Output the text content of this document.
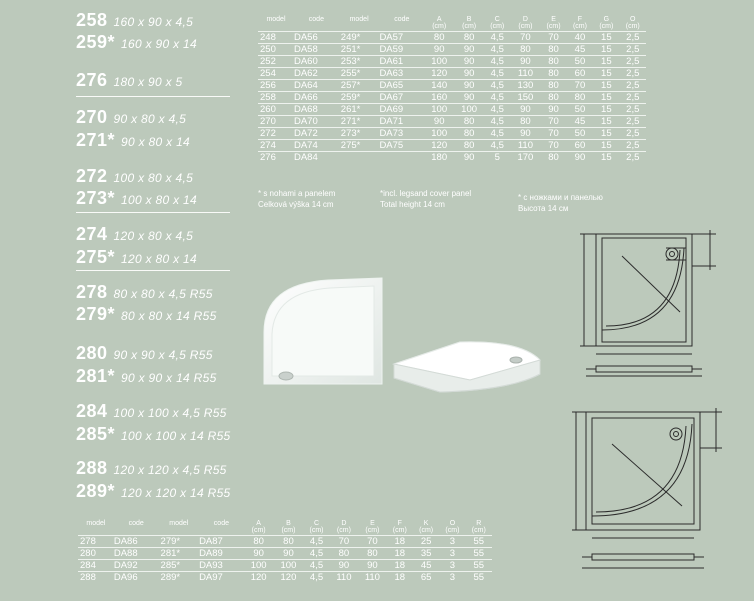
258 160 x 90 x 4,5
259* 160 x 90 x 14
276 180 x 90 x 5
270 90 x 80 x 4,5
271* 90 x 80 x 14
272 100 x 80 x 4,5
273* 100 x 80 x 14
274 120 x 80 x 4,5
275* 120 x 80 x 14
278 80 x 80 x 4,5 R55
279* 80 x 80 x 14 R55
280 90 x 90 x 4,5 R55
281* 90 x 90 x 14 R55
284 100 x 100 x 4,5 R55
285* 100 x 100 x 14 R55
288 120 x 120 x 4,5 R55
289* 120 x 120 x 14 R55
model	code	model	code	A	B	C	D	E	F	G	O
				(cm)	(cm)	(cm)	(cm)	(cm)	(cm)	(cm)	(cm)
248	DA56	249*	DA57	80	80	4,5	70	70	40	15	2,5
250	DA58	251*	DA59	90	90	4,5	80	80	45	15	2,5
252	DA60	253*	DA61	100	90	4,5	90	80	50	15	2,5
254	DA62	255*	DA63	120	90	4,5	110	80	60	15	2,5
256	DA64	257*	DA65	140	90	4,5	130	80	70	15	2,5
258	DA66	259*	DA67	160	90	4,5	150	80	80	15	2,5
260	DA68	261*	DA69	100	100	4,5	90	90	50	15	2,5
270	DA70	271*	DA71	90	80	4,5	80	70	45	15	2,5
272	DA72	273*	DA73	100	80	4,5	90	70	50	15	2,5
274	DA74	275*	DA75	120	80	4,5	110	70	60	15	2,5
276	DA84			180	90	5	170	80	90	15	2,5
* s nohami a panelem
Celková výška 14 cm
*incl. legsand cover panel
Total height 14 cm
* с ножками и панелью
Высота 14 см
model	code	model	code	A	B	C	D	E	F	K	O	R
				(cm)	(cm)	(cm)	(cm)	(cm)	(cm)	(cm)	(cm)	(cm)
278	DA86	279*	DA87	80	80	4,5	70	70	18	25	3	55
280	DA88	281*	DA89	90	90	4,5	80	80	18	35	3	55
284	DA92	285*	DA93	100	100	4,5	90	90	18	45	3	55
288	DA96	289*	DA97	120	120	4,5	110	110	18	65	3	55
